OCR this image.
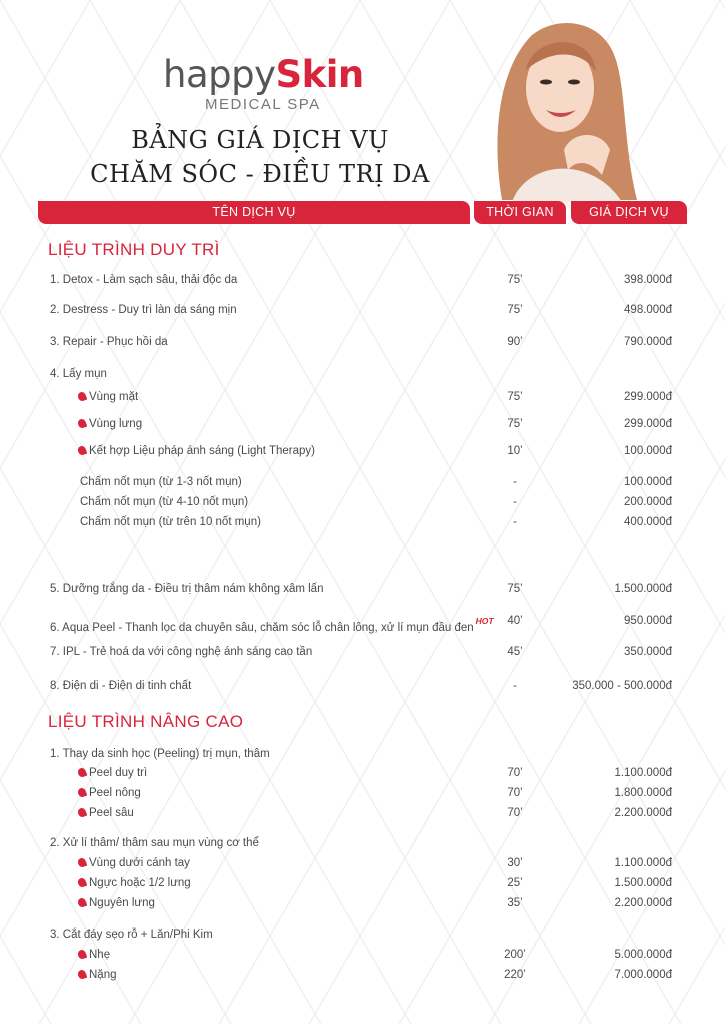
happySkin
MEDICAL SPA
BẢNG GIÁ DỊCH VỤ
CHĂM SÓC - ĐIỀU TRỊ DA
TÊN DỊCH VỤ	THỜI GIAN	GIÁ DỊCH VỤ
LIỆU TRÌNH DUY TRÌ
1. Detox - Làm sạch sâu, thải độc da	75’	398.000đ
2. Destress - Duy trì làn da sáng mịn	75’	498.000đ
3. Repair - Phục hồi da	90’	790.000đ
4. Lấy mụn
Vùng mặt	75’	299.000đ
Vùng lưng	75’	299.000đ
Kết hợp Liệu pháp ánh sáng (Light Therapy)	10’	100.000đ
Chấm nốt mụn (từ 1-3 nốt mụn)	-	100.000đ
Chấm nốt mụn (từ 4-10 nốt mụn)	-	200.000đ
Chấm nốt mụn (từ trên 10 nốt mụn)	-	400.000đ
5. Dưỡng trắng da - Điều trị thâm nám không xâm lấn	75’	1.500.000đ
6. Aqua Peel - Thanh lọc da chuyên sâu, chăm sóc lỗ chân lông, xử lí mụn đầu đenHOT	40’	950.000đ
7. IPL - Trẻ hoá da với công nghệ ánh sáng cao tần	45’	350.000đ
8. Điện di - Điện di tinh chất	-	350.000 - 500.000đ
LIỆU TRÌNH NÂNG CAO
1. Thay da sinh học (Peeling) trị mụn, thâm
Peel duy trì	70’	1.100.000đ
Peel nông	70’	1.800.000đ
Peel sâu	70’	2.200.000đ
2. Xử lí thâm/ thâm sau mụn vùng cơ thể
Vùng dưới cánh tay	30’	1.100.000đ
Ngực hoặc 1/2 lưng	25’	1.500.000đ
Nguyên lưng	35’	2.200.000đ
3. Cắt đáy sẹo rỗ + Lăn/Phi Kim
Nhẹ	200’	5.000.000đ
Nặng	220’	7.000.000đ
